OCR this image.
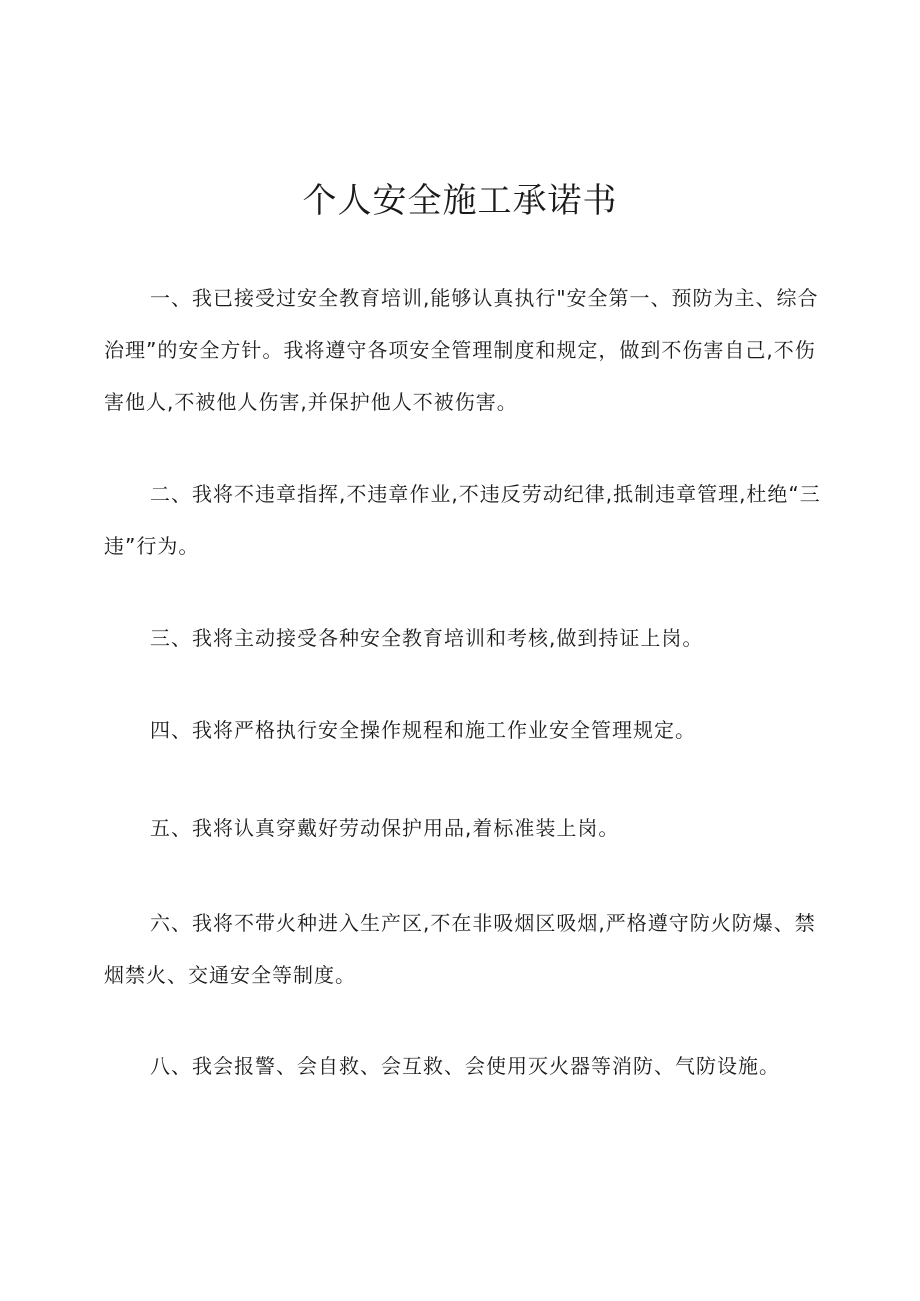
个人安全施工承诺书

一、我已接受过安全教育培训,能够认真执行"安全第一、预防为主、综合治理”的安全方针。我将遵守各项安全管理制度和规定，做到不伤害自己,不伤害他人,不被他人伤害,并保护他人不被伤害。

二、我将不违章指挥,不违章作业,不违反劳动纪律,抵制违章管理,杜绝“三违”行为。

三、我将主动接受各种安全教育培训和考核,做到持证上岗。

四、我将严格执行安全操作规程和施工作业安全管理规定。

五、我将认真穿戴好劳动保护用品,着标准装上岗。

六、我将不带火种进入生产区,不在非吸烟区吸烟,严格遵守防火防爆、禁烟禁火、交通安全等制度。

八、我会报警、会自救、会互救、会使用灭火器等消防、气防设施。
